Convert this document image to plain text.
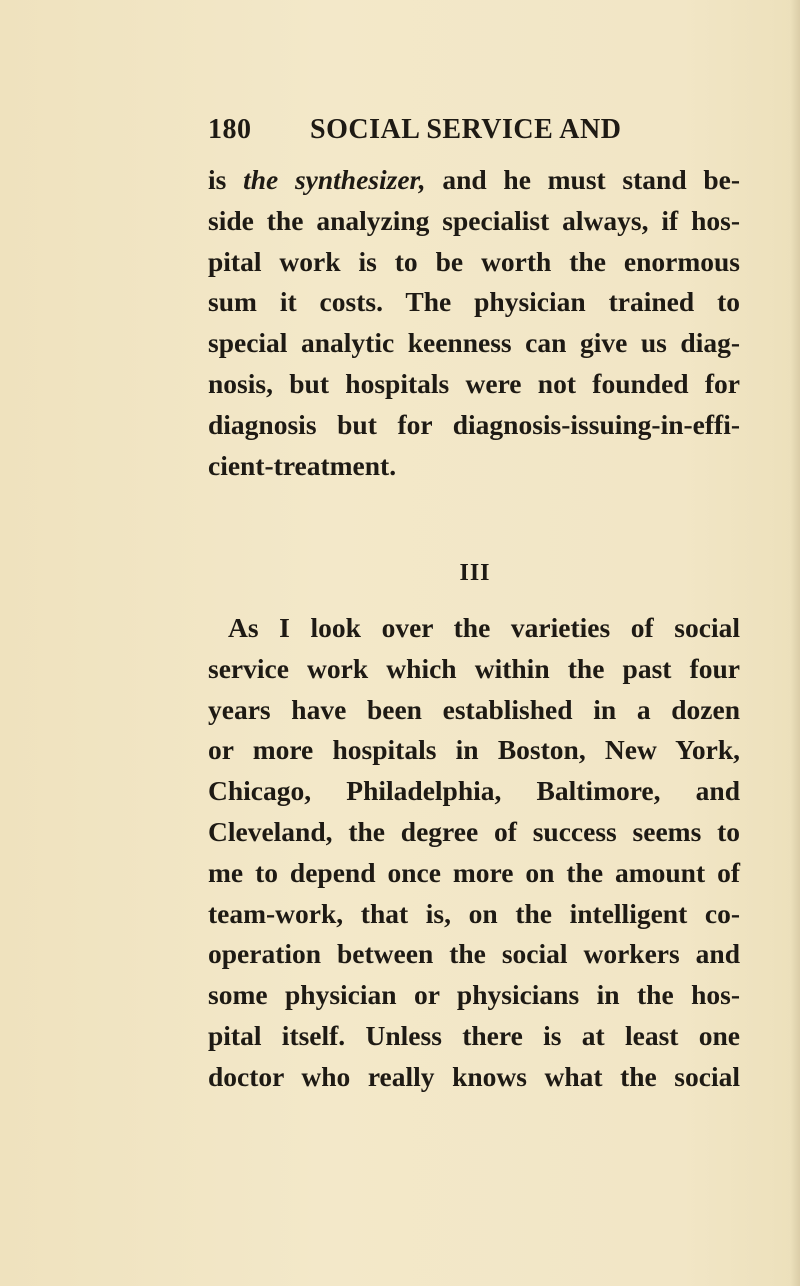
180 SOCIAL SERVICE AND
is the synthesizer, and he must stand be-
side the analyzing specialist always, if hos-
pital work is to be worth the enormous
sum it costs. The physician trained to
special analytic keenness can give us diag-
nosis, but hospitals were not founded for
diagnosis but for diagnosis-issuing-in-effi-
cient-treatment.
III
As I look over the varieties of social
service work which within the past four
years have been established in a dozen
or more hospitals in Boston, New York,
Chicago, Philadelphia, Baltimore, and
Cleveland, the degree of success seems to
me to depend once more on the amount of
team-work, that is, on the intelligent co-
operation between the social workers and
some physician or physicians in the hos-
pital itself. Unless there is at least one
doctor who really knows what the social
